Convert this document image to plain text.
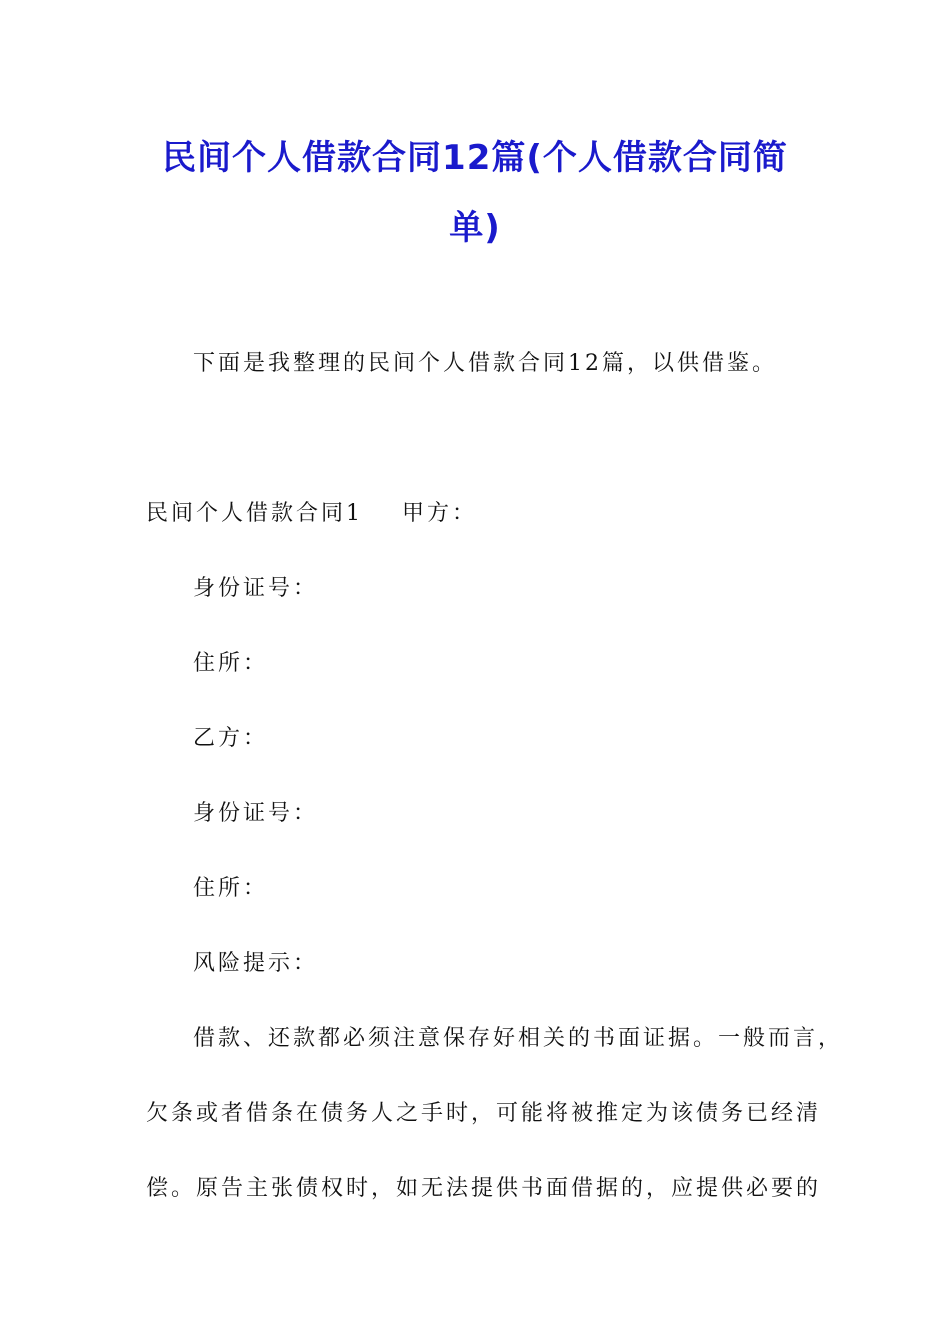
民间个人借款合同12篇(个人借款合同简
单)
下面是我整理的民间个人借款合同12篇，以供借鉴。
民间个人借款合同1 甲方：
身份证号：
住所：
乙方：
身份证号：
住所：
风险提示：
借款、还款都必须注意保存好相关的书面证据。一般而言，
欠条或者借条在债务人之手时，可能将被推定为该债务已经清
偿。原告主张债权时，如无法提供书面借据的，应提供必要的
